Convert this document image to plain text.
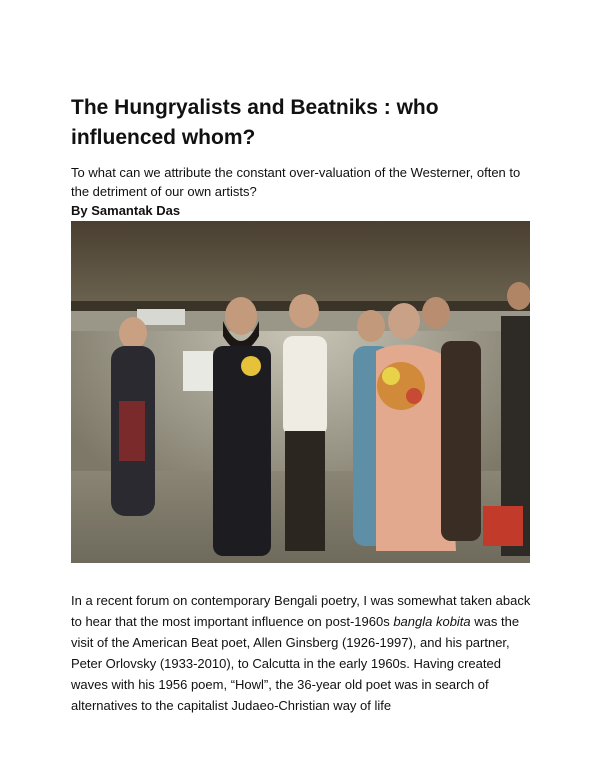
The Hungryalists and Beatniks : who influenced whom?

To what can we attribute the constant over-valuation of the Westerner, often to the detriment of our own artists?

By Samantak Das

In a recent forum on contemporary Bengali poetry, I was somewhat taken aback to hear that the most important influence on post-1960s bangla kobita was the visit of the American Beat poet, Allen Ginsberg (1926-1997), and his partner, Peter Orlovsky (1933-2010), to Calcutta in the early 1960s. Having created waves with his 1956 poem, “Howl”, the 36-year old poet was in search of alternatives to the capitalist Judaeo-Christian way of life
